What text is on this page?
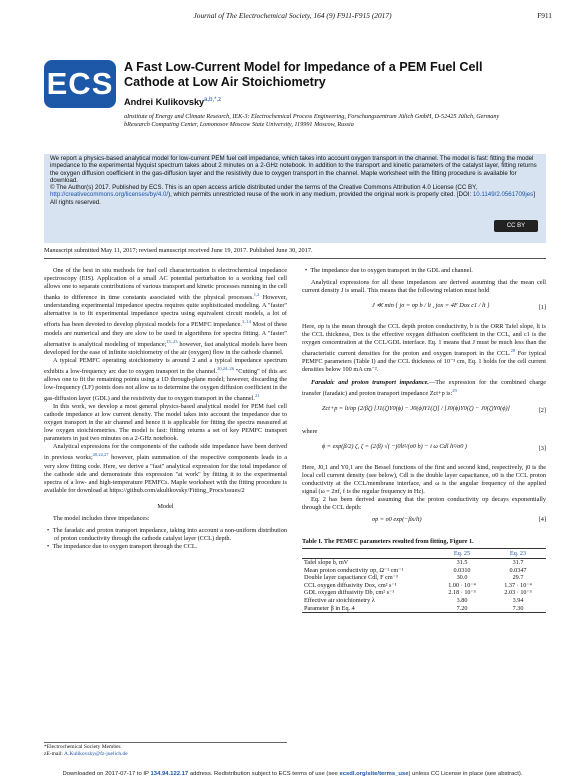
Journal of The Electrochemical Society, 164 (9) F911-F915 (2017)	F911
ECS A Fast Low-Current Model for Impedance of a PEM Fuel Cell Cathode at Low Air Stoichiometry
Andrei Kulikovsky$^{a,b,*,z}$
aInstitute of Energy and Climate Research, IEK-3: Electrochemical Process Engineering, Forschungszentrum Jülich GmbH, D-52425 Jülich, Germany
bResearch Computing Center, Lomonosov Moscow State University, 119991 Moscow, Russia

We report a physics-based analytical model for low-current PEM fuel cell impedance, which takes into account oxygen transport in the channel. The model is fast: fitting the model impedance to the experimental Nyquist spectrum takes about 2 minutes on a 2-GHz notebook. In addition to the transport and kinetic parameters of the catalyst layer, fitting returns the oxygen diffusion coefficient in the gas-diffusion layer and the resistivity due to oxygen transport in the channel. Maple worksheet with the fitting procedure is available for download.

© The Author(s) 2017. Published by ECS. This is an open access article distributed under the terms of the Creative Commons Attribution 4.0 License (CC BY, http://creativecommons.org/licenses/by/4.0/), which permits unrestricted reuse of the work in any medium, provided the original work is properly cited. [DOI: 10.1149/2.0561709jes] All rights reserved.

CC BY
Manuscript submitted May 11, 2017; revised manuscript received June 19, 2017. Published June 30, 2017.

One of the best in situ methods for fuel cell characterization is electrochemical impedance spectroscopy (EIS). Application of a small AC potential perturbation to a working fuel cell allows one to separate contributions of various transport and kinetic processes running in the cell thanks to difference in time constants associated with the physical processes.$^{1,2}$ However, understanding experimental impedance spectra requires quite sophisticated modeling. A "faster" alternative is to fit experimental impedance spectra using equivalent circuit models, a lot of efforts has been devoted to develop physical models for a PEMFC impedance.$^{3-14}$ Most of these models are numerical and they are slow to be used in algorithms for spectra fitting. A "faster" alternative is analytical modeling of impedance;$^{15-23}$ however, fast analytical models have been developed for the ease of infinite stoichiometry of the air (oxygen) flow in the cathode channel.

A typical PEMFC operating stoichiometry is around 2 and a typical impedance spectrum exhibits a low-frequency arc due to oxygen transport in the channel.$^{20,24-26}$ "Cutting" of this arc allows one to fit the remaining points using a 1D through-plane model; however, discarding the low-frequency (LF) points does not allow us to determine the oxygen diffusion coefficient in the gas-diffusion layer (GDL) and the resistivity due to oxygen transport in the channel.$^{21}$

In this work, we develop a most general physics-based analytical model for PEM fuel cell cathode impedance at low current density. The model takes into account the impedance due to oxygen transport in the air channel and hence it is applicable for fitting the spectra measured at low oxygen stoichiometries. The model is fast: fitting returns a set of key PEMFC transport parameters in just two minutes on a 2-GHz notebook.

Analytical expressions for the components of the cathode side impedance have been derived in previous works;$^{20,22,27}$ however, plain summation of the respective components leads to a very slow fitting code. Here, we derive a "fast" analytical expression for the total impedance of the cathode side and demonstrate this expression "at work" by fitting it to the experimental spectra of a low- and high-temperature PEMFCs. Maple worksheet with the fitting procedure is available for download at https://github.com/akulikovsky/Fitting_Procs/issues/2

Model

The model includes three impedances:

•  The faradaic and proton transport impedance, taking into account a non-uniform distribution of proton conductivity through the cathode catalyst layer (CCL) depth.

•  The impedance due to oxygen transport through the CCL.

*Electrochemical Society Member.
zE-mail: A.Kulikovsky@fz-juelich.de

•  The impedance due to oxygen transport in the GDL and channel.

Analytical expressions for all these impedances are derived assuming that the mean cell current density J is small. This means that the following relation must hold

J ≪ min { jσ = σp b / lt , jox = 4F Dox c1 / lt }	[1]

Here, σp is the mean through the CCL depth proton conductivity, b is the ORR Tafel slope, lt is the CCL thickness, Dox is the effective oxygen diffusion coefficient in the CCL, and c1 is the oxygen concentration at the CCL/GDL interface. Eq. 1 means that J must be much less than the characteristic current densities for the proton and oxygen transport in the CCL.$^{28}$ For typical PEMFC parameters (Table I) and the CCL thickness of 10⁻³ cm, Eq. 1 holds for the cell current densities below 100 mA cm⁻².

Faradaic and proton transport impedance.—The expression for the combined charge transfer (faradaic) and proton transport impedance Zct+p is:$^{29}$

Zct+p = lt/σp (2/βζ) [J1(ζ)Y0(ϕ) − J0(ϕ)Y1(ζ)] / [J0(ϕ)Y0(ζ) − J0(ζ)Y0(ϕ)]	[2]

where

ϕ = exp(β/2) ζ, ζ = (2/β) √( −j0lt²/(σ0 b) − i ω Cdl lt²/σ0 )	[3]

Here, J0,1 and Y0,1 are the Bessel functions of the first and second kind, respectively, j0 is the local cell current density (see below), Cdl is the double layer capacitance, σ0 is the CCL proton conductivity at the CCL/membrane interface, and ω is the angular frequency of the applied signal (ω = 2πf, f is the regular frequency in Hz).

Eq. 2 has been derived assuming that the proton conductivity σp decays exponentially through the CCL depth:

σp = σ0 exp(−βx/lt)	[4]
Table I. The PEMFC parameters resulted from fitting, Figure 1.
	Eq. 25	Eq. 23
Tafel slope b, mV	31.5	31.7
Mean proton conductivity σp, Ω⁻¹ cm⁻¹	0.0310	0.0347
Double layer capacitance Cdl, F cm⁻³	30.0	29.7
CCL oxygen diffusivity Dox, cm² s⁻¹	1.00 · 10⁻⁴	1.37 · 10⁻⁴
GDL oxygen diffusivity Db, cm² s⁻¹	2.18 · 10⁻³	2.03 · 10⁻³
Effective air stoichiometry λ	3.80	3.94
Parameter β in Eq. 4	7.20	7.30
Downloaded on 2017-07-17 to IP 134.94.122.17 address. Redistribution subject to ECS terms of use (see ecsdl.org/site/terms_use) unless CC License in place (see abstract).
